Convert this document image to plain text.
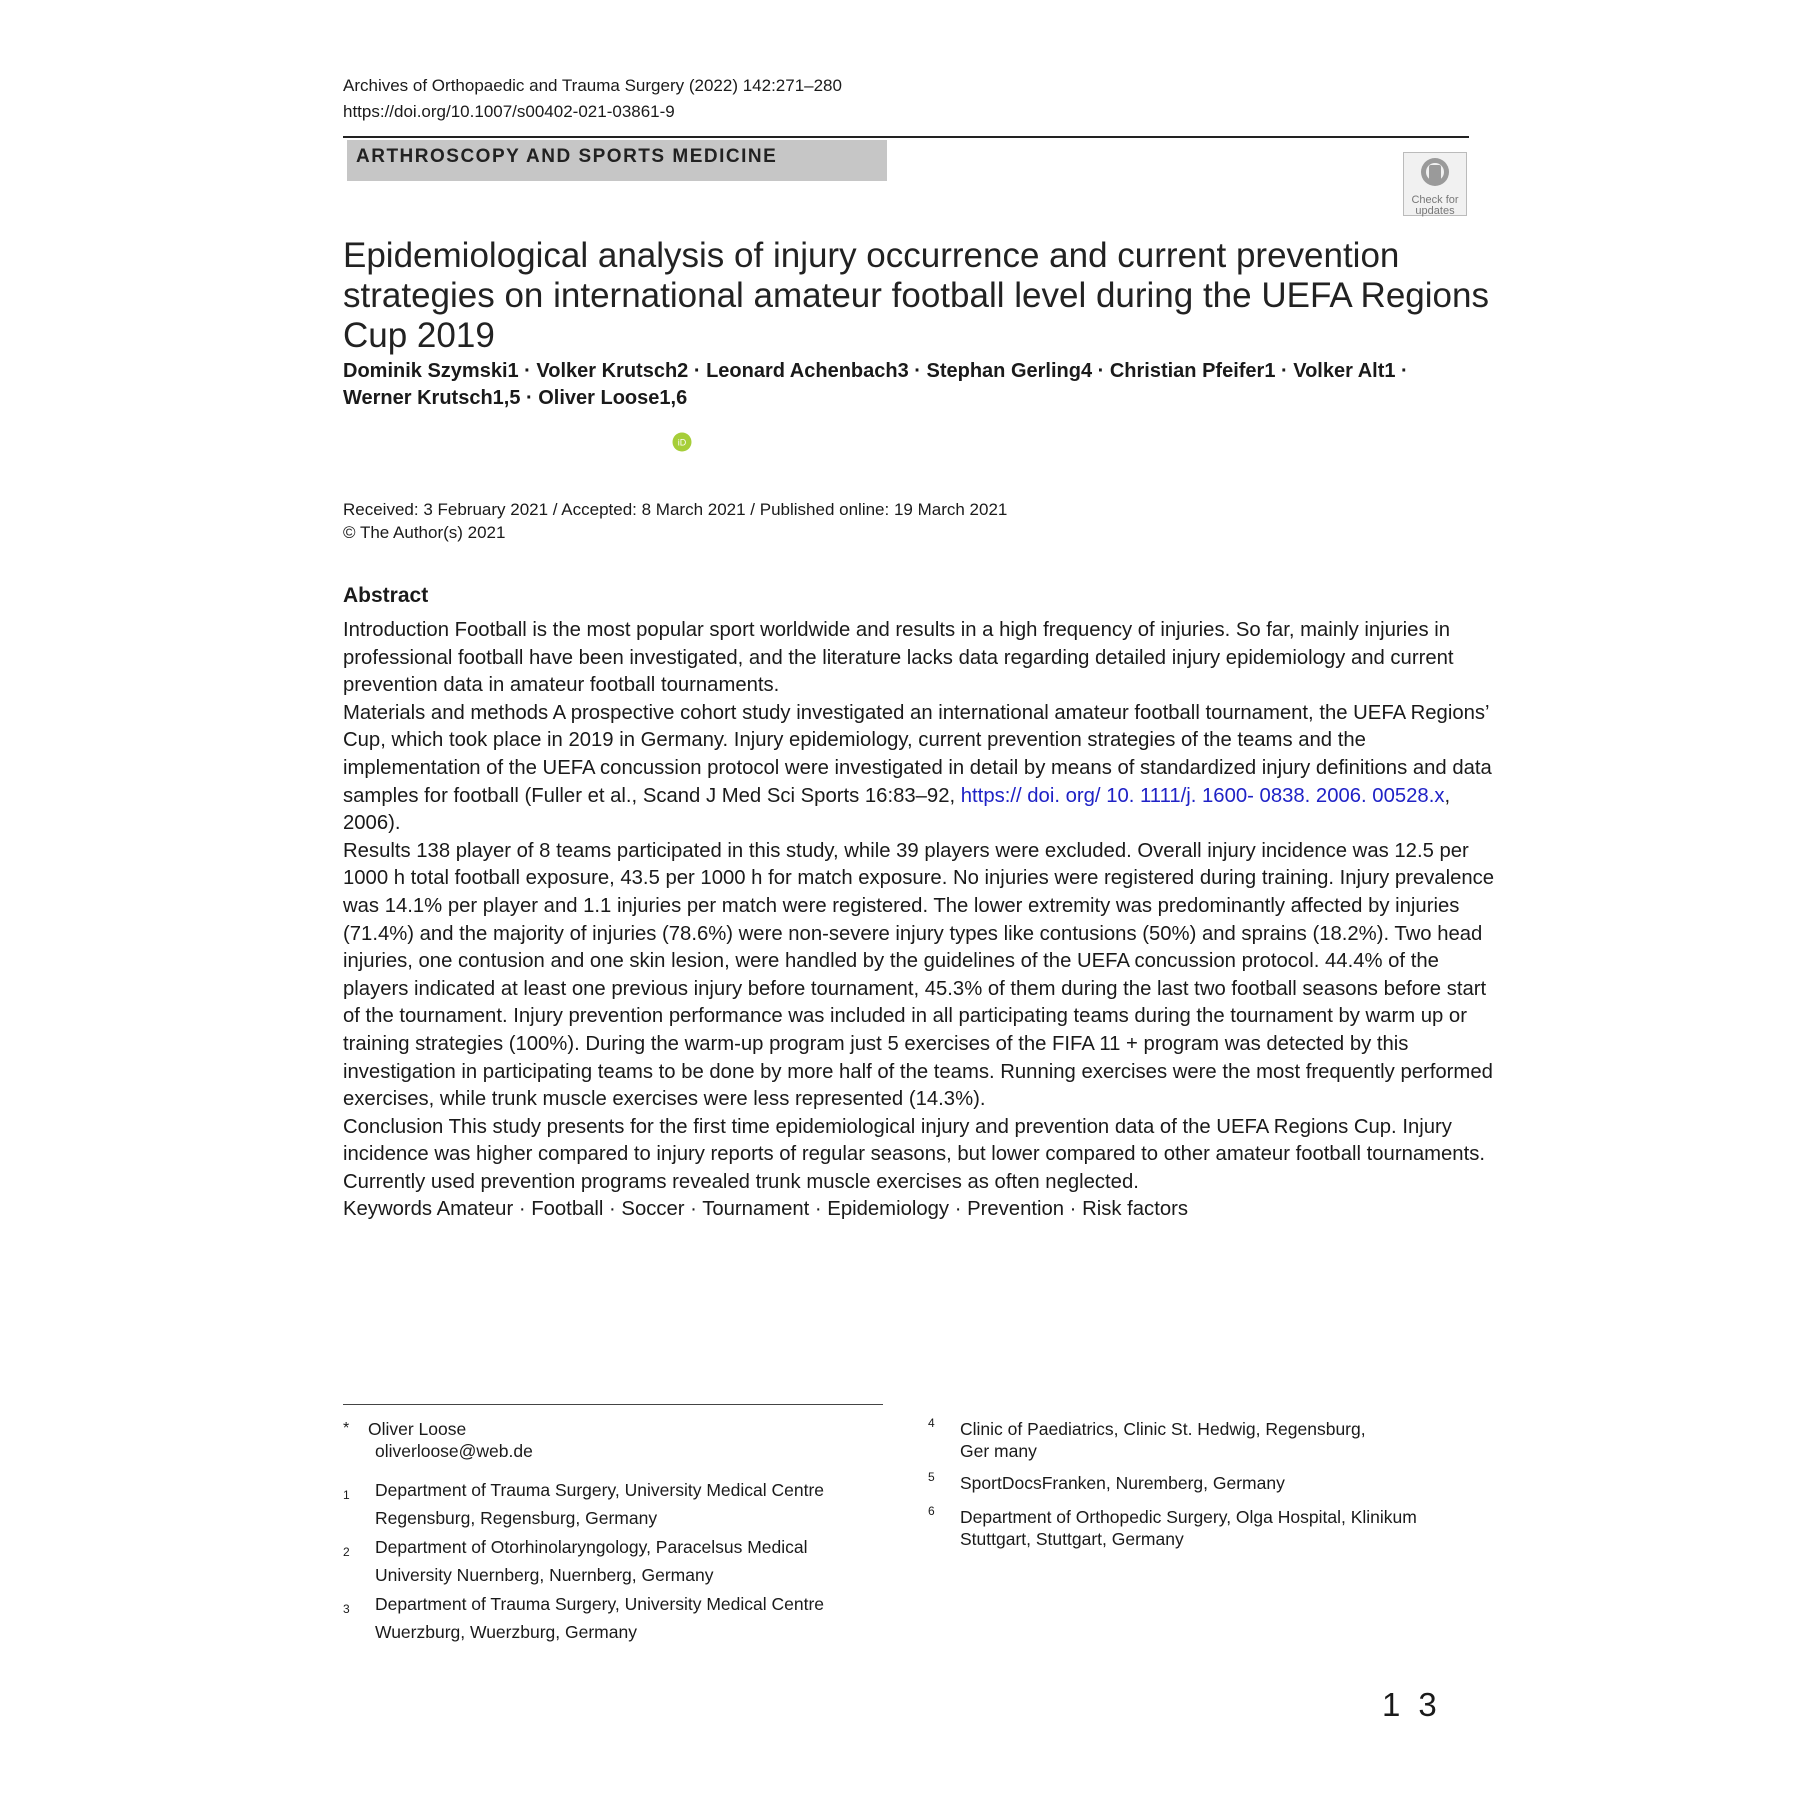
Archives of Orthopaedic and Trauma Surgery (2022) 142:271–280
https://doi.org/10.1007/s00402-021-03861-9
ARTHROSCOPY AND SPORTS MEDICINE
Check for
updates
Epidemiological analysis of injury occurrence and current prevention strategies on international amateur football level during the UEFA Regions Cup 2019
Dominik Szymski1 · Volker Krutsch2 · Leonard Achenbach3 · Stephan Gerling4 · Christian Pfeifer1 · Volker Alt1 ·
Werner Krutsch1,5 · Oliver Loose1,6
iD
Received: 3 February 2021 / Accepted: 8 March 2021 / Published online: 19 March 2021
© The Author(s) 2021
Abstract

Introduction Football is the most popular sport worldwide and results in a high frequency of injuries. So far, mainly injuries in professional football have been investigated, and the literature lacks data regarding detailed injury epidemiology and current prevention data in amateur football tournaments.

Materials and methods A prospective cohort study investigated an international amateur football tournament, the UEFA Regions’ Cup, which took place in 2019 in Germany. Injury epidemiology, current prevention strategies of the teams and the implementation of the UEFA concussion protocol were investigated in detail by means of standardized injury definitions and data samples for football (Fuller et al., Scand J Med Sci Sports 16:83–92, https:// doi. org/ 10. 1111/j. 1600- 0838. 2006. 00528.x, 2006).

Results 138 player of 8 teams participated in this study, while 39 players were excluded. Overall injury incidence was 12.5 per 1000 h total football exposure, 43.5 per 1000 h for match exposure. No injuries were registered during training. Injury prevalence was 14.1% per player and 1.1 injuries per match were registered. The lower extremity was predominantly affected by injuries (71.4%) and the majority of injuries (78.6%) were non-severe injury types like contusions (50%) and sprains (18.2%). Two head injuries, one contusion and one skin lesion, were handled by the guidelines of the UEFA concussion protocol. 44.4% of the players indicated at least one previous injury before tournament, 45.3% of them during the last two football seasons before start of the tournament. Injury prevention performance was included in all participating teams during the tournament by warm up or training strategies (100%). During the warm-up program just 5 exercises of the FIFA 11 + program was detected by this investigation in participating teams to be done by more half of the teams. Running exercises were the most frequently performed exercises, while trunk muscle exercises were less represented (14.3%).

Conclusion This study presents for the first time epidemiological injury and prevention data of the UEFA Regions Cup. Injury incidence was higher compared to injury reports of regular seasons, but lower compared to other amateur football tournaments. Currently used prevention programs revealed trunk muscle exercises as often neglected.

Keywords Amateur · Football · Soccer · Tournament · Epidemiology · Prevention · Risk factors

* Oliver Loose
oliverloose@web.de
1 Department of Trauma Surgery, University Medical Centre
Regensburg, Regensburg, Germany
2 Department of Otorhinolaryngology, Paracelsus Medical
University Nuernberg, Nuernberg, Germany
3 Department of Trauma Surgery, University Medical Centre
Wuerzburg, Wuerzburg, Germany
4 Clinic of Paediatrics, Clinic St. Hedwig, Regensburg,
Ger many
5 SportDocsFranken, Nuremberg, Germany
6 Department of Orthopedic Surgery, Olga Hospital, Klinikum
Stuttgart, Stuttgart, Germany
13
